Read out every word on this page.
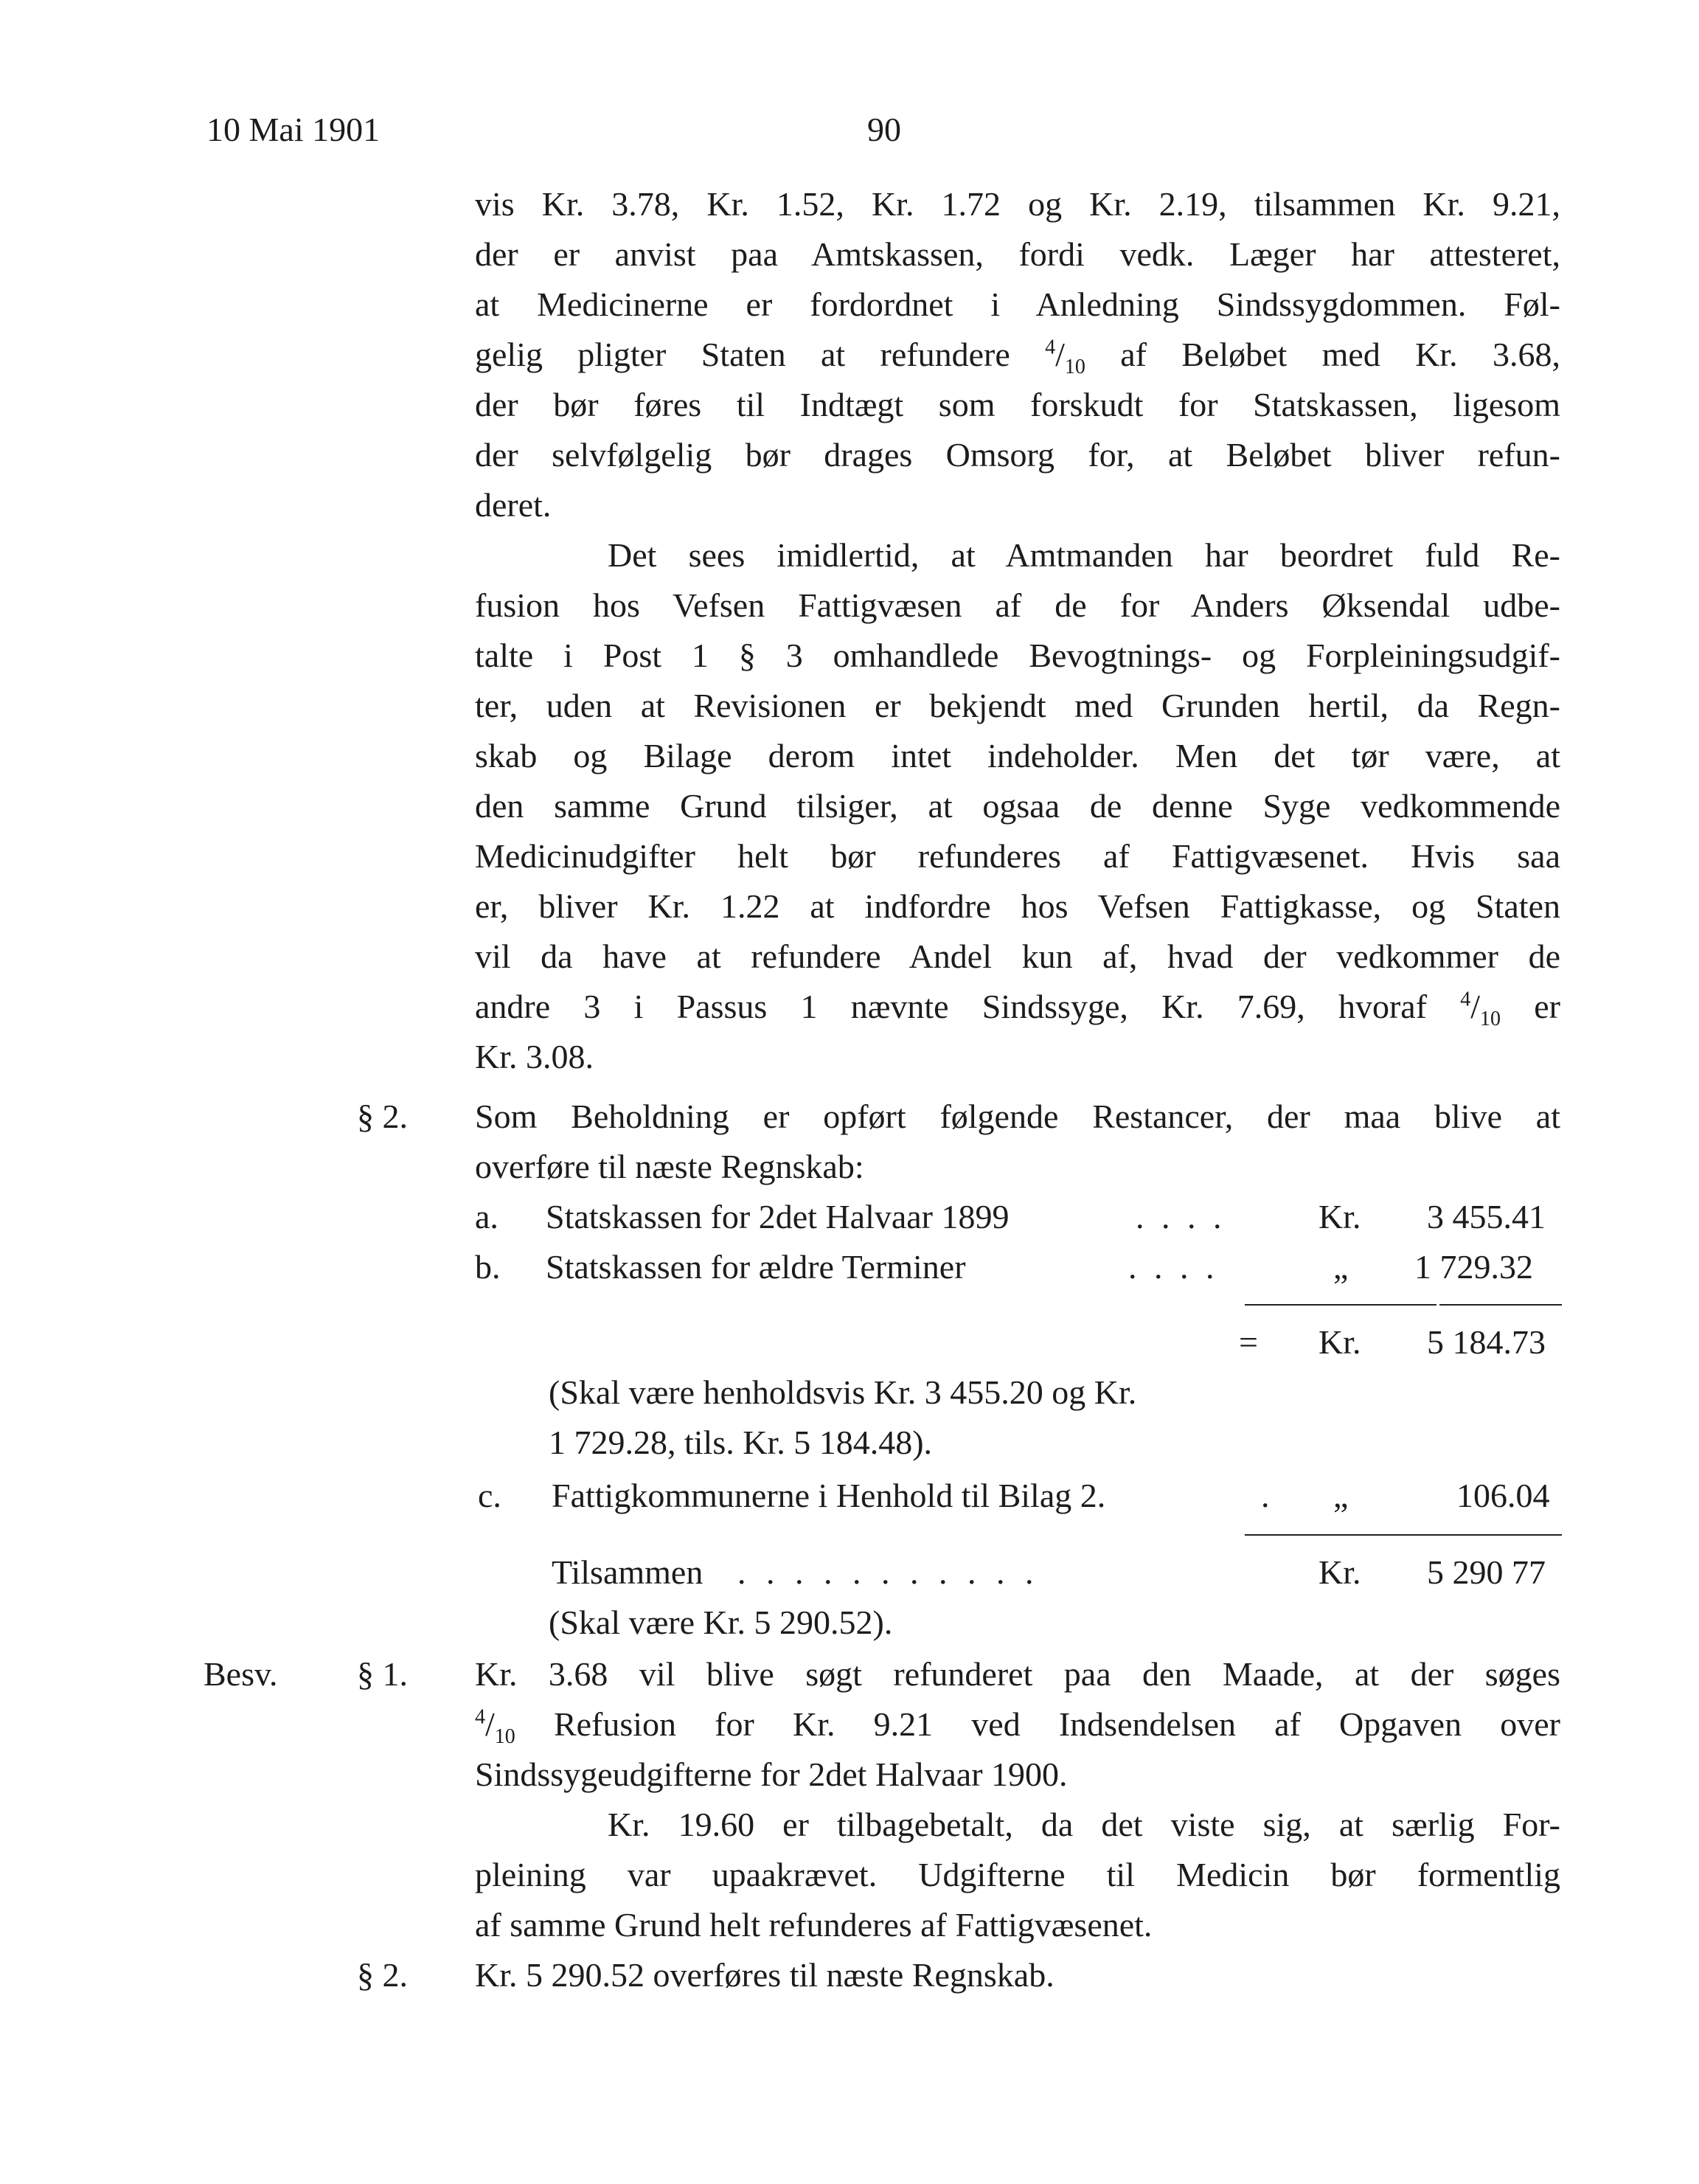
10 Mai 1901	90
vis Kr. 3.78, Kr. 1.52, Kr. 1.72 og Kr. 2.19, tilsammen Kr. 9.21,
der er anvist paa Amtskassen, fordi vedk. Læger har attesteret,
at Medicinerne er fordordnet i Anledning Sindssygdommen. Føl-
gelig pligter Staten at refundere $^4/_{10}$ af Beløbet med Kr. 3.68,
der bør føres til Indtægt som forskudt for Statskassen, ligesom
der selvfølgelig bør drages Omsorg for, at Beløbet bliver refun-
deret.
Det sees imidlertid, at Amtmanden har beordret fuld Re-
fusion hos Vefsen Fattigvæsen af de for Anders Øksendal udbe-
talte i Post 1 § 3 omhandlede Bevogtnings- og Forpleiningsudgif-
ter, uden at Revisionen er bekjendt med Grunden hertil, da Regn-
skab og Bilage derom intet indeholder. Men det tør være, at
den samme Grund tilsiger, at ogsaa de denne Syge vedkommende
Medicinudgifter helt bør refunderes af Fattigvæsenet. Hvis saa
er, bliver Kr. 1.22 at indfordre hos Vefsen Fattigkasse, og Staten
vil da have at refundere Andel kun af, hvad der vedkommer de
andre 3 i Passus 1 nævnte Sindssyge, Kr. 7.69, hvoraf $^4/_{10}$ er
Kr. 3.08.
§ 2. Som Beholdning er opført følgende Restancer, der maa blive at
overføre til næste Regnskab:
a. Statskassen for 2det Halvaar 1899	. . . .	Kr. 3 455.41
b. Statskassen for ældre Terminer	. . . .	„ 1 729.32
= Kr. 5 184.73
(Skal være henholdsvis Kr. 3 455.20 og Kr.
1 729.28, tils. Kr. 5 184.48).
c. Fattigkommunerne i Henhold til Bilag 2.	. „	106.04
Tilsammen . . . . . . . . . . .	Kr. 5 290 77
(Skal være Kr. 5 290.52).
Besv. § 1. Kr. 3.68 vil blive søgt refunderet paa den Maade, at der søges
$^4/_{10}$ Refusion for Kr. 9.21 ved Indsendelsen af Opgaven over
Sindssygeudgifterne for 2det Halvaar 1900.
Kr. 19.60 er tilbagebetalt, da det viste sig, at særlig For-
pleining var upaakrævet. Udgifterne til Medicin bør formentlig
af samme Grund helt refunderes af Fattigvæsenet.
§ 2. Kr. 5 290.52 overføres til næste Regnskab.
